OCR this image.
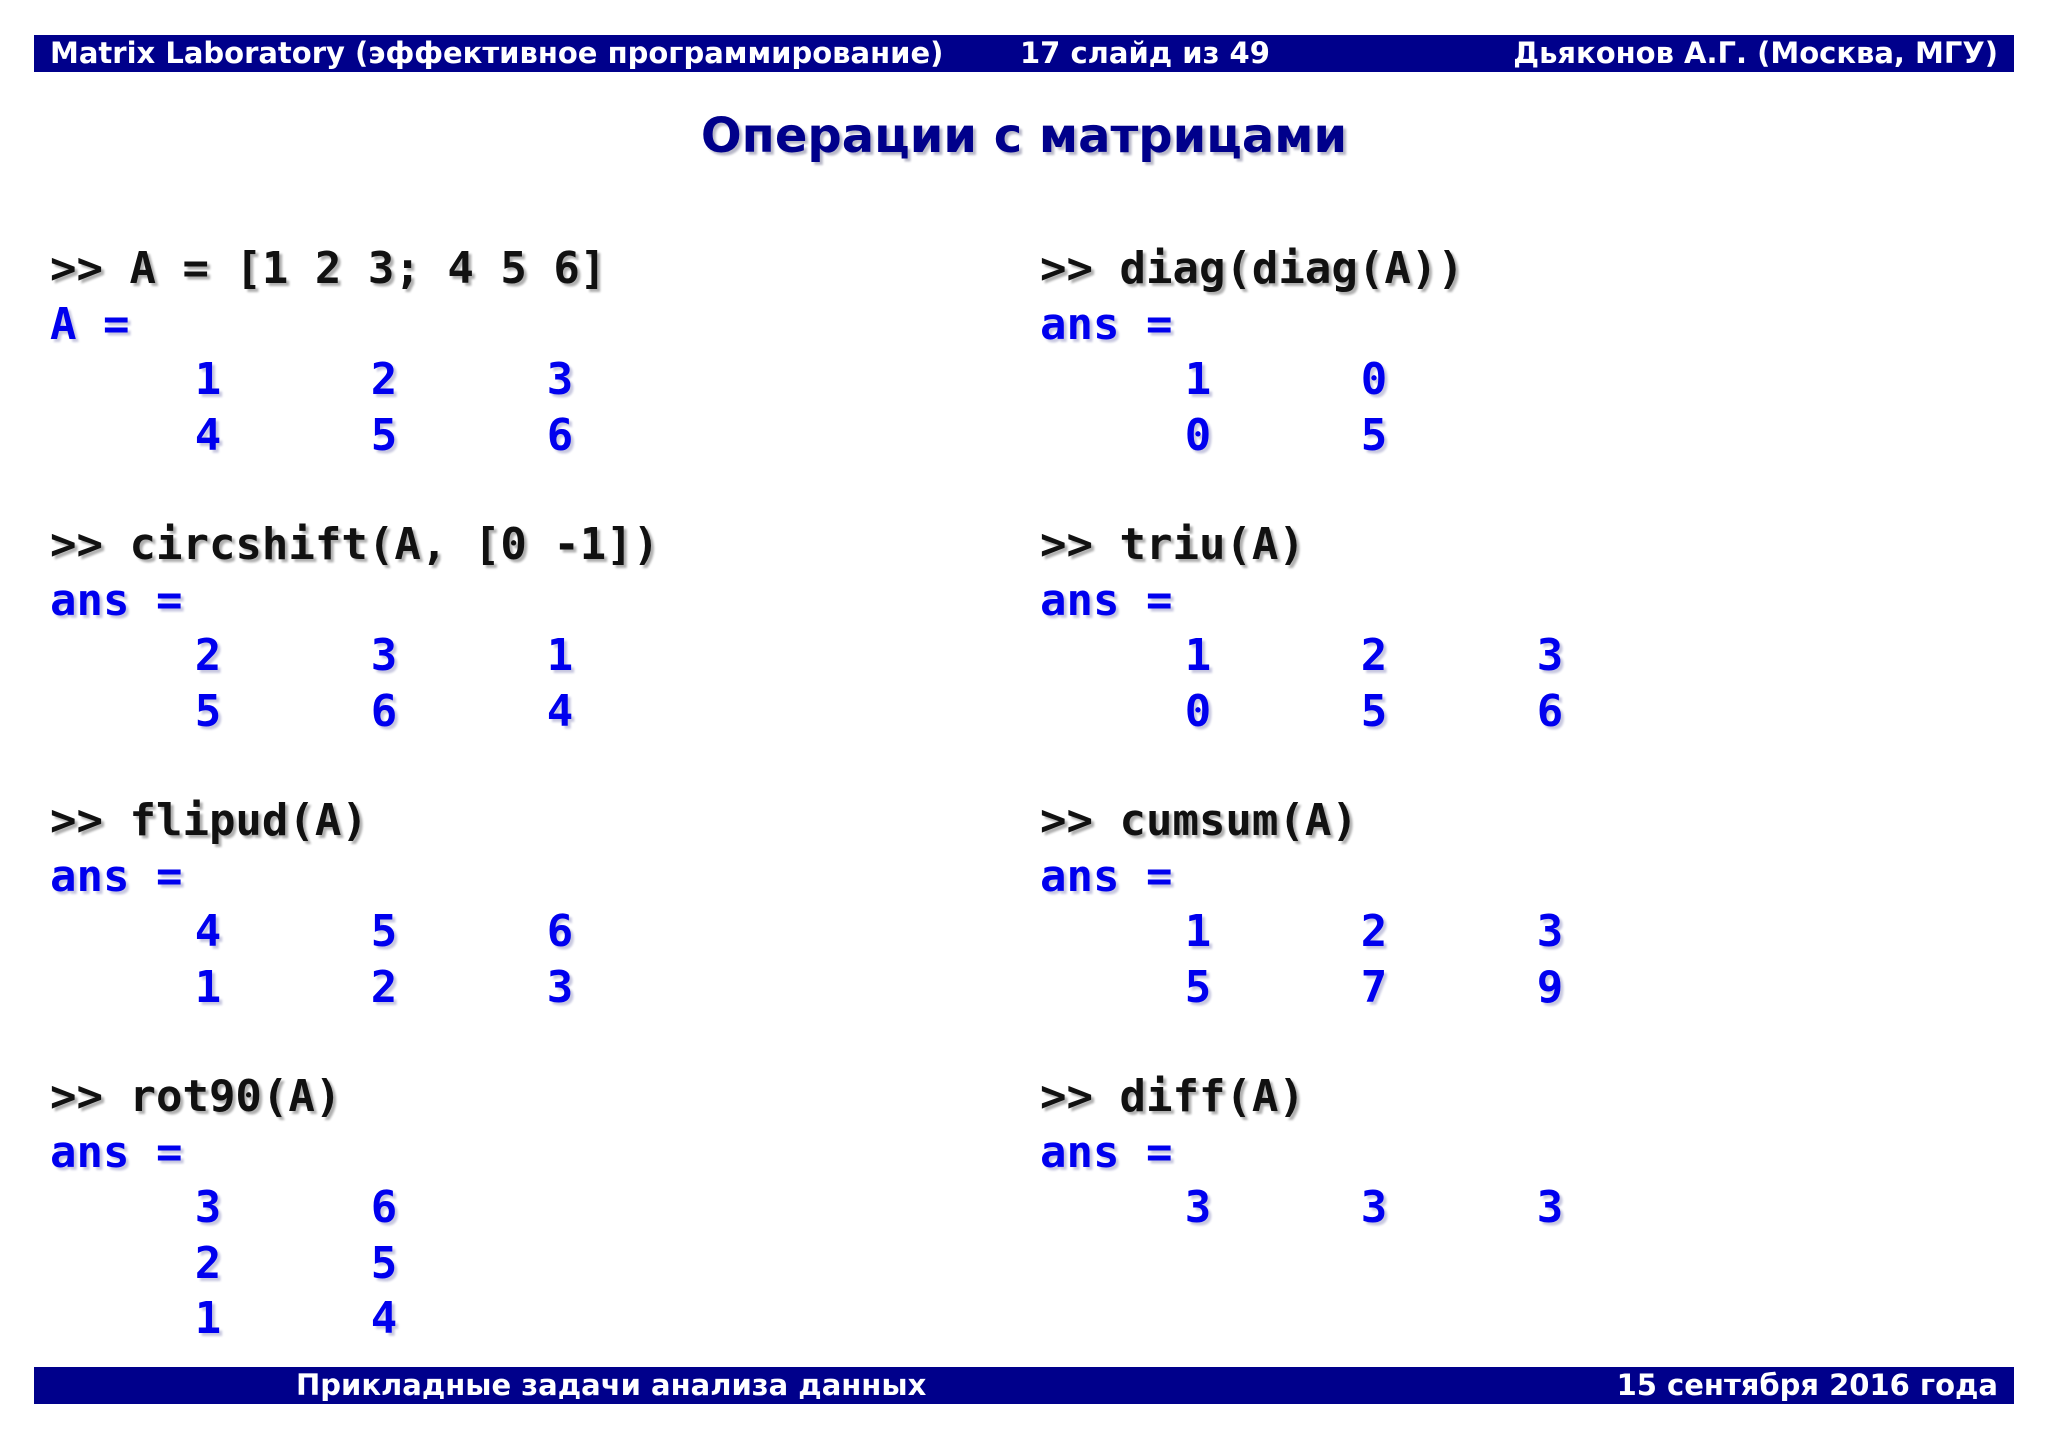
Matrix Laboratory (эффективное программирование)	17 слайд из 49	Дьяконов А.Г. (Москва, МГУ)
Операции с матрицами
>> A = [1 2 3; 4 5 6]
A =
1	2	3
4	5	6
>> circshift(A, [0 -1])
ans =
2	3	1
5	6	4
>> flipud(A)
ans =
4	5	6
1	2	3
>> rot90(A)
ans =
3	6
2	5
1	4
>> diag(diag(A))
ans =
1	0
0	5
>> triu(A)
ans =
1	2	3
0	5	6
>> cumsum(A)
ans =
1	2	3
5	7	9
>> diff(A)
ans =
3	3	3
Прикладные задачи анализа данных	15 сентября 2016 года
